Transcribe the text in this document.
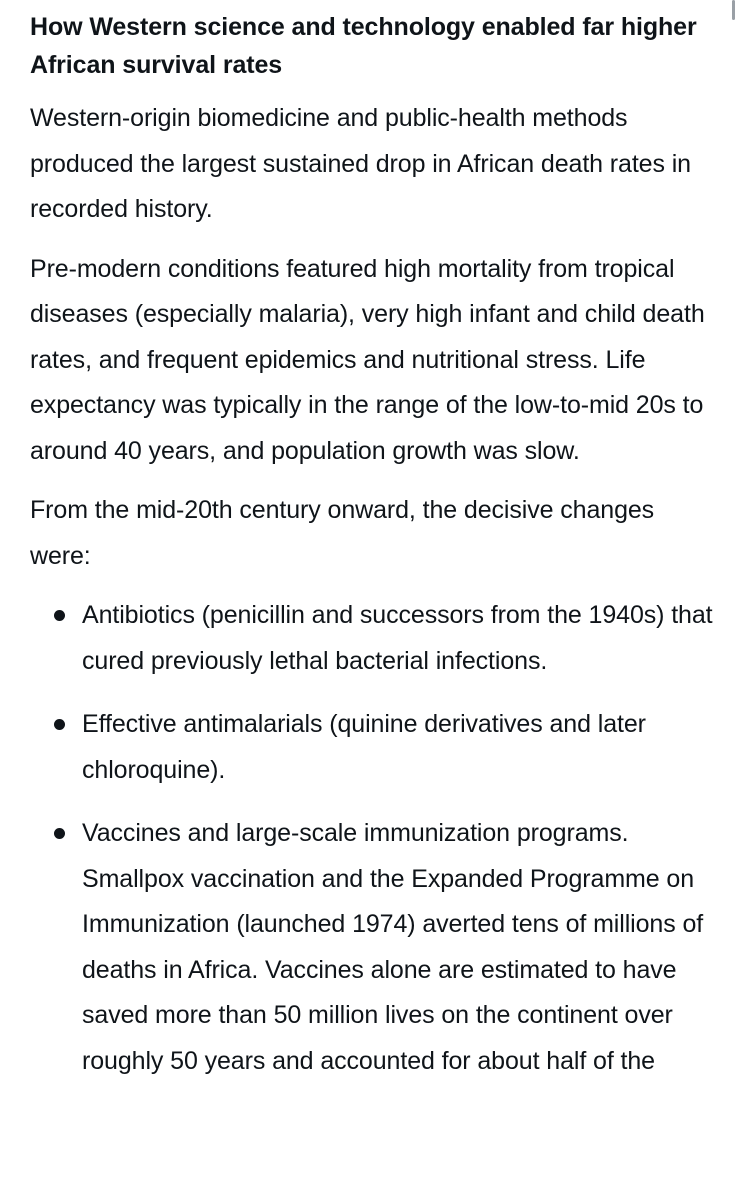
How Western science and technology enabled far higher African survival rates

Western-origin biomedicine and public-health methods produced the largest sustained drop in African death rates in recorded history.

Pre-modern conditions featured high mortality from tropical diseases (especially malaria), very high infant and child death rates, and frequent epidemics and nutritional stress. Life expectancy was typically in the range of the low-to-mid 20s to around 40 years, and population growth was slow.

From the mid-20th century onward, the decisive changes were:

Antibiotics (penicillin and successors from the 1940s) that cured previously lethal bacterial infections.
Effective antimalarials (quinine derivatives and later chloroquine).
Vaccines and large-scale immunization programs. Smallpox vaccination and the Expanded Programme on Immunization (launched 1974) averted tens of millions of deaths in Africa. Vaccines alone are estimated to have saved more than 50 million lives on the continent over roughly 50 years and accounted for about half of the
